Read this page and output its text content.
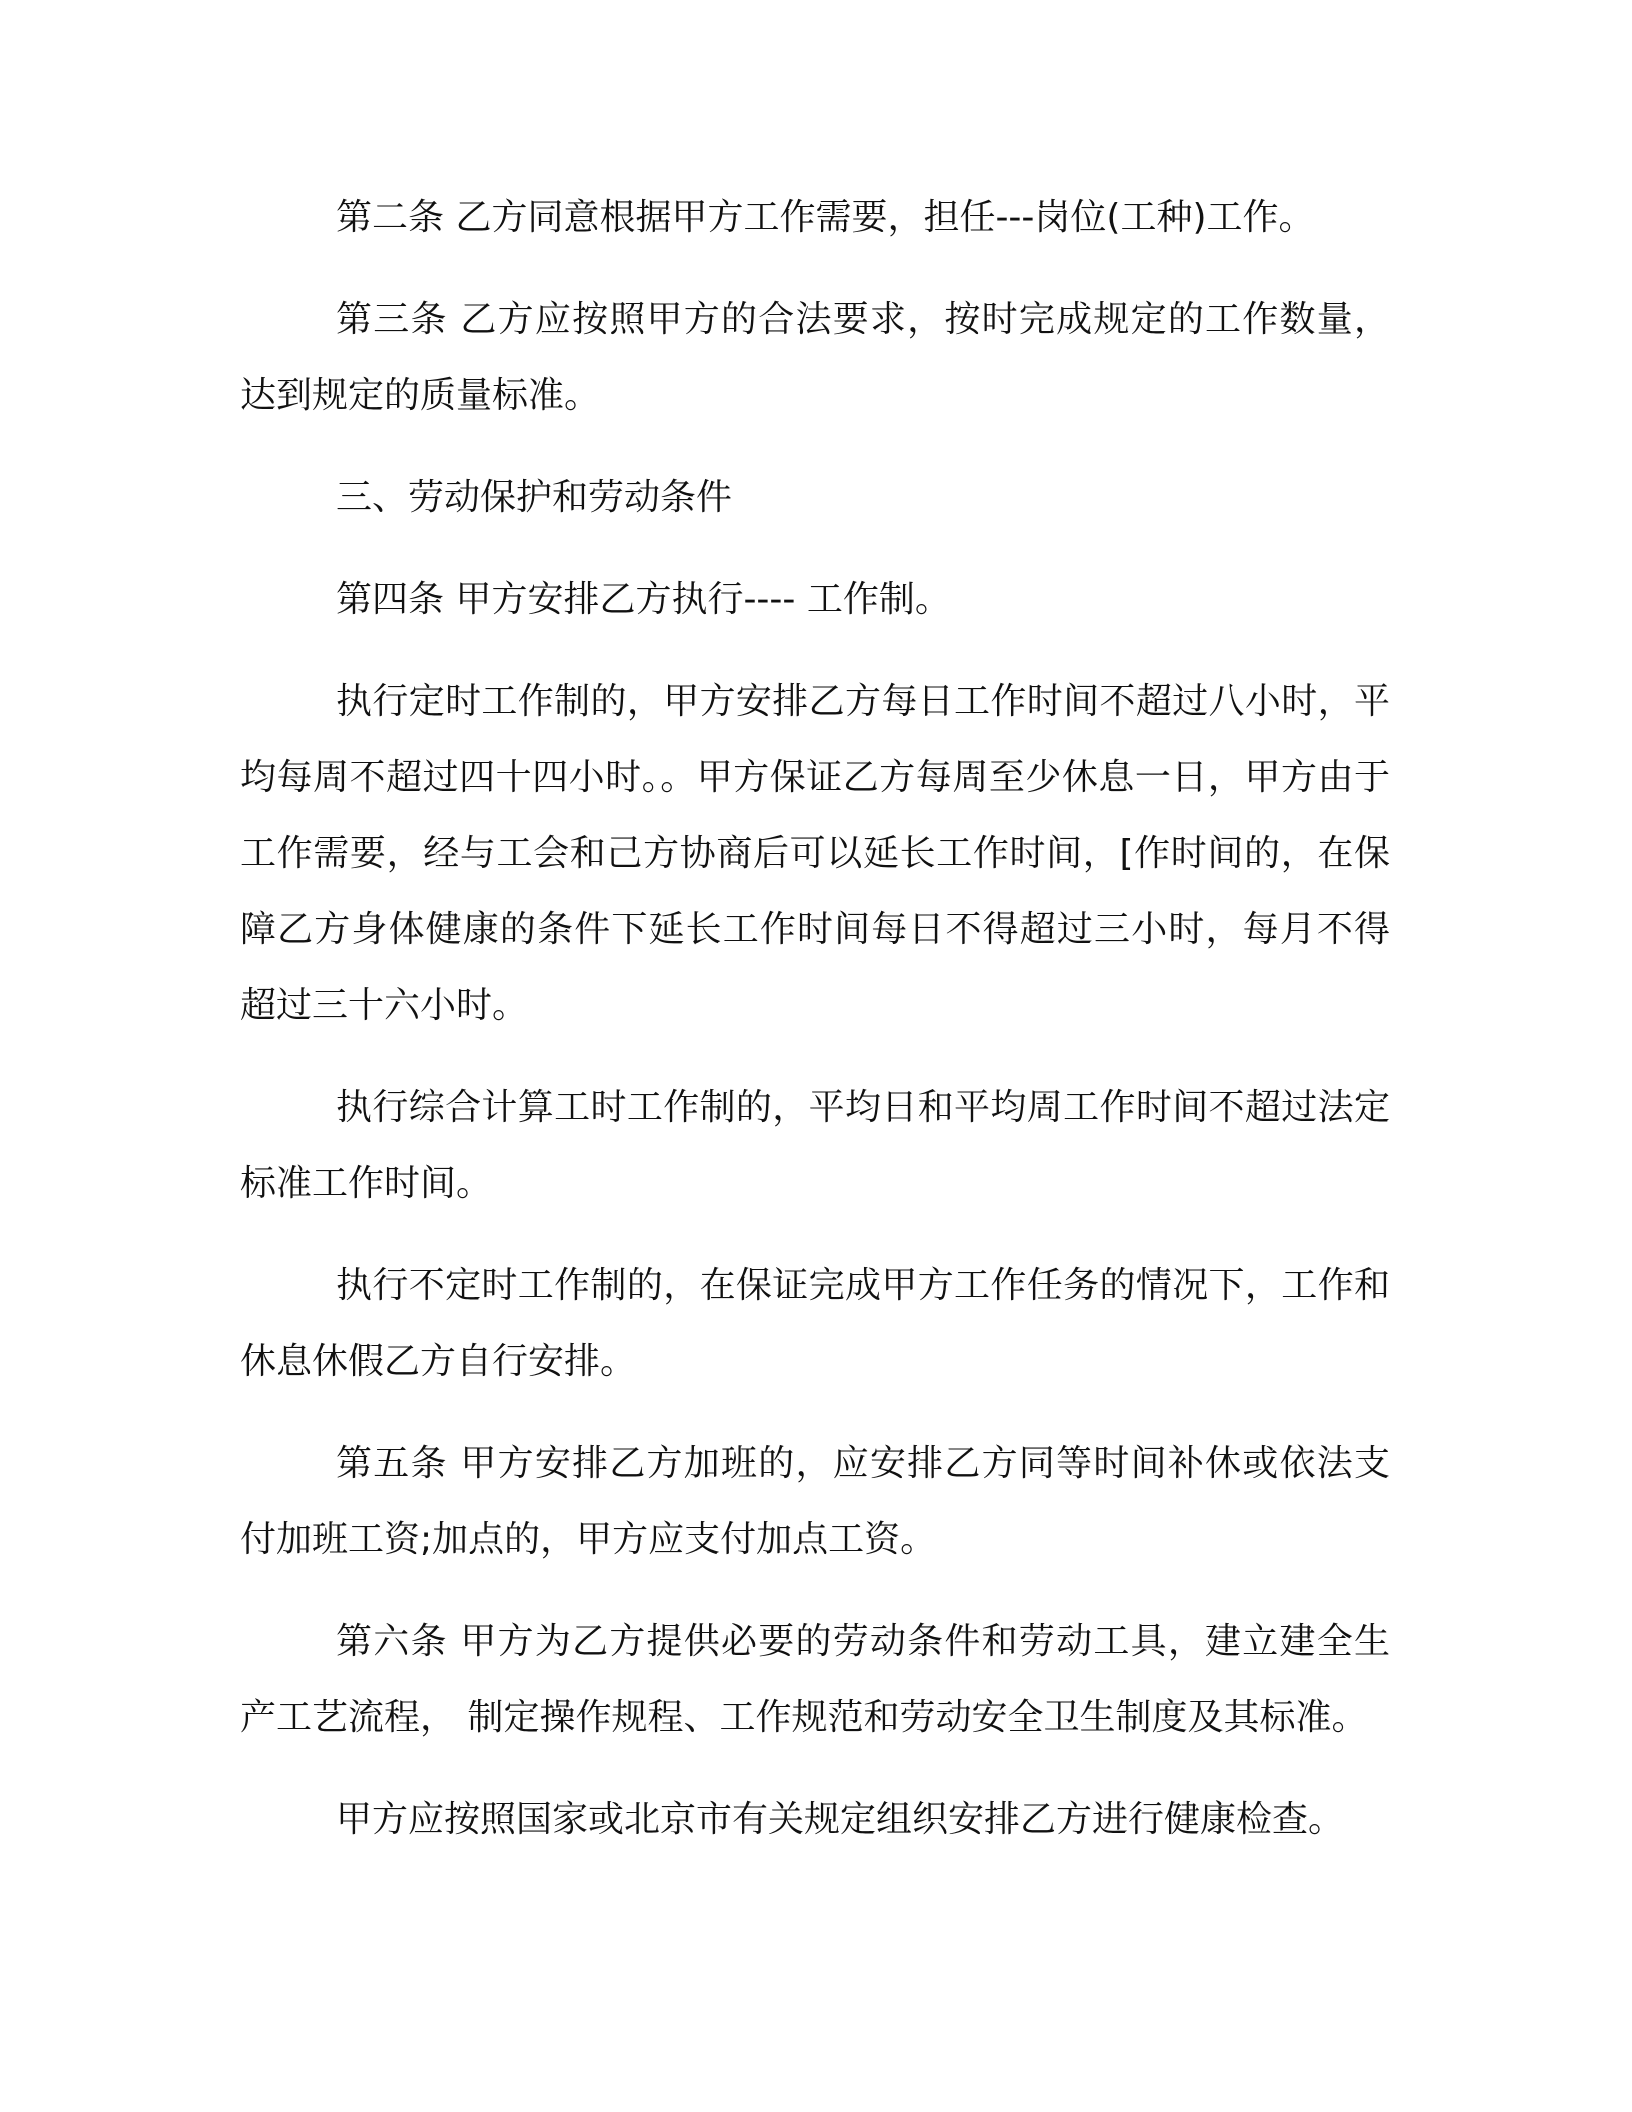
第二条 乙方同意根据甲方工作需要，担任---岗位(工种)工作。

第三条 乙方应按照甲方的合法要求，按时完成规定的工作数量，达到规定的质量标准。

三、劳动保护和劳动条件

第四条 甲方安排乙方执行---- 工作制。

执行定时工作制的，甲方安排乙方每日工作时间不超过八小时，平均每周不超过四十四小时。。甲方保证乙方每周至少休息一日，甲方由于工作需要，经与工会和己方协商后可以延长工作时间，[作时间的，在保障乙方身体健康的条件下延长工作时间每日不得超过三小时，每月不得超过三十六小时。

执行综合计算工时工作制的，平均日和平均周工作时间不超过法定标准工作时间。

执行不定时工作制的，在保证完成甲方工作任务的情况下，工作和休息休假乙方自行安排。

第五条 甲方安排乙方加班的，应安排乙方同等时间补休或依法支付加班工资;加点的，甲方应支付加点工资。

第六条 甲方为乙方提供必要的劳动条件和劳动工具，建立建全生产工艺流程， 制定操作规程、工作规范和劳动安全卫生制度及其标准。

甲方应按照国家或北京市有关规定组织安排乙方进行健康检查。
